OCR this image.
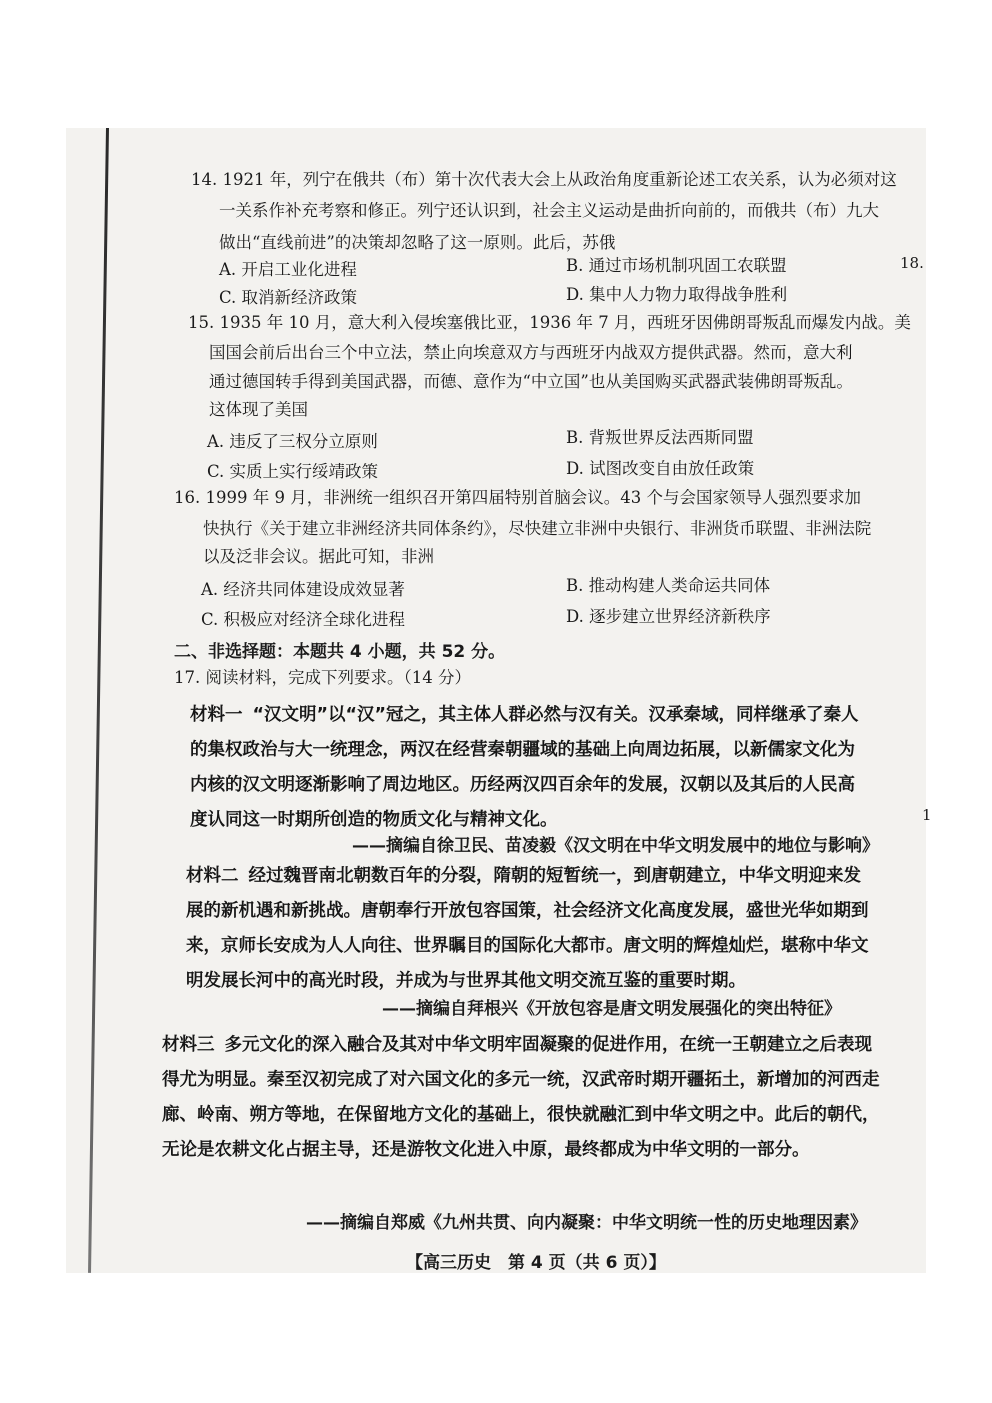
14. 1921 年，列宁在俄共（布）第十次代表大会上从政治角度重新论述工农关系，认为必须对这
一关系作补充考察和修正。列宁还认识到，社会主义运动是曲折向前的，而俄共（布）九大
做出“直线前进”的决策却忽略了这一原则。此后，苏俄
A. 开启工业化进程	B. 通过市场机制巩固工农联盟
C. 取消新经济政策	D. 集中人力物力取得战争胜利
15. 1935 年 10 月，意大利入侵埃塞俄比亚，1936 年 7 月，西班牙因佛朗哥叛乱而爆发内战。美
国国会前后出台三个中立法，禁止向埃意双方与西班牙内战双方提供武器。然而，意大利
通过德国转手得到美国武器，而德、意作为“中立国”也从美国购买武器武装佛朗哥叛乱。
这体现了美国
A. 违反了三权分立原则	B. 背叛世界反法西斯同盟
C. 实质上实行绥靖政策	D. 试图改变自由放任政策
16. 1999 年 9 月，非洲统一组织召开第四届特别首脑会议。43 个与会国家领导人强烈要求加
快执行《关于建立非洲经济共同体条约》，尽快建立非洲中央银行、非洲货币联盟、非洲法院
以及泛非会议。据此可知，非洲
A. 经济共同体建设成效显著	B. 推动构建人类命运共同体
C. 积极应对经济全球化进程	D. 逐步建立世界经济新秩序
二、非选择题：本题共 4 小题，共 52 分。
17. 阅读材料，完成下列要求。（14 分）
材料一 “汉文明”以“汉”冠之，其主体人群必然与汉有关。汉承秦域，同样继承了秦人的集权政治与大一统理念，两汉在经营秦朝疆域的基础上向周边拓展，以新儒家文化为内核的汉文明逐渐影响了周边地区。历经两汉四百余年的发展，汉朝以及其后的人民高度认同这一时期所创造的物质文化与精神文化。
——摘编自徐卫民、苗凌毅《汉文明在中华文明发展中的地位与影响》
材料二 经过魏晋南北朝数百年的分裂，隋朝的短暂统一，到唐朝建立，中华文明迎来发展的新机遇和新挑战。唐朝奉行开放包容国策，社会经济文化高度发展，盛世光华如期到来，京师长安成为人人向往、世界瞩目的国际化大都市。唐文明的辉煌灿烂，堪称中华文明发展长河中的高光时段，并成为与世界其他文明交流互鉴的重要时期。
——摘编自拜根兴《开放包容是唐文明发展强化的突出特征》
材料三 多元文化的深入融合及其对中华文明牢固凝聚的促进作用，在统一王朝建立之后表现得尤为明显。秦至汉初完成了对六国文化的多元一统，汉武帝时期开疆拓土，新增加的河西走廊、岭南、朔方等地，在保留地方文化的基础上，很快就融汇到中华文明之中。此后的朝代，无论是农耕文化占据主导，还是游牧文化进入中原，最终都成为中华文明的一部分。
——摘编自郑威《九州共贯、向内凝聚：中华文明统一性的历史地理因素》
【高三历史　第 4 页（共 6 页）】
18.
1
